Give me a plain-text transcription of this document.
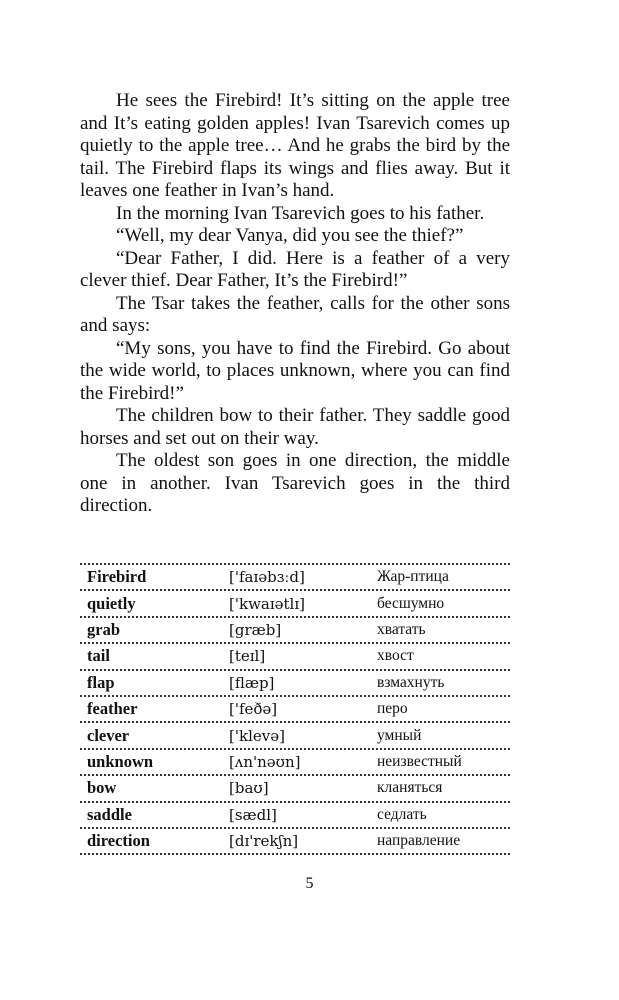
He sees the Firebird! It’s sitting on the apple tree and It’s eating golden apples! Ivan Tsarevich comes up quietly to the apple tree… And he grabs the bird by the tail. The Firebird flaps its wings and flies away. But it leaves one feather in Ivan’s hand.

In the morning Ivan Tsarevich goes to his father.

“Well, my dear Vanya, did you see the thief?”

“Dear Father, I did. Here is a feather of a very clever thief. Dear Father, It’s the Firebird!”

The Tsar takes the feather, calls for the other sons and says:

“My sons, you have to find the Firebird. Go about the wide world, to places unknown, where you can find the Firebird!”

The children bow to their father. They saddle good horses and set out on their way.

The oldest son goes in one direction, the middle one in another. Ivan Tsarevich goes in the third direction.

Firebird	['faɪəbɜːd]	Жар-птица
quietly	['kwaɪətlɪ]	бесшумно
grab	[græb]	хватать
tail	[teɪl]	хвост
flap	[flæp]	взмахнуть
feather	['feðə]	перо
clever	['klevə]	умный
unknown	[ʌn'nəʊn]	неизвестный
bow	[baʊ]	кланяться
saddle	[sædl]	седлать
direction	[dɪ'rekʃn]	направление
5
